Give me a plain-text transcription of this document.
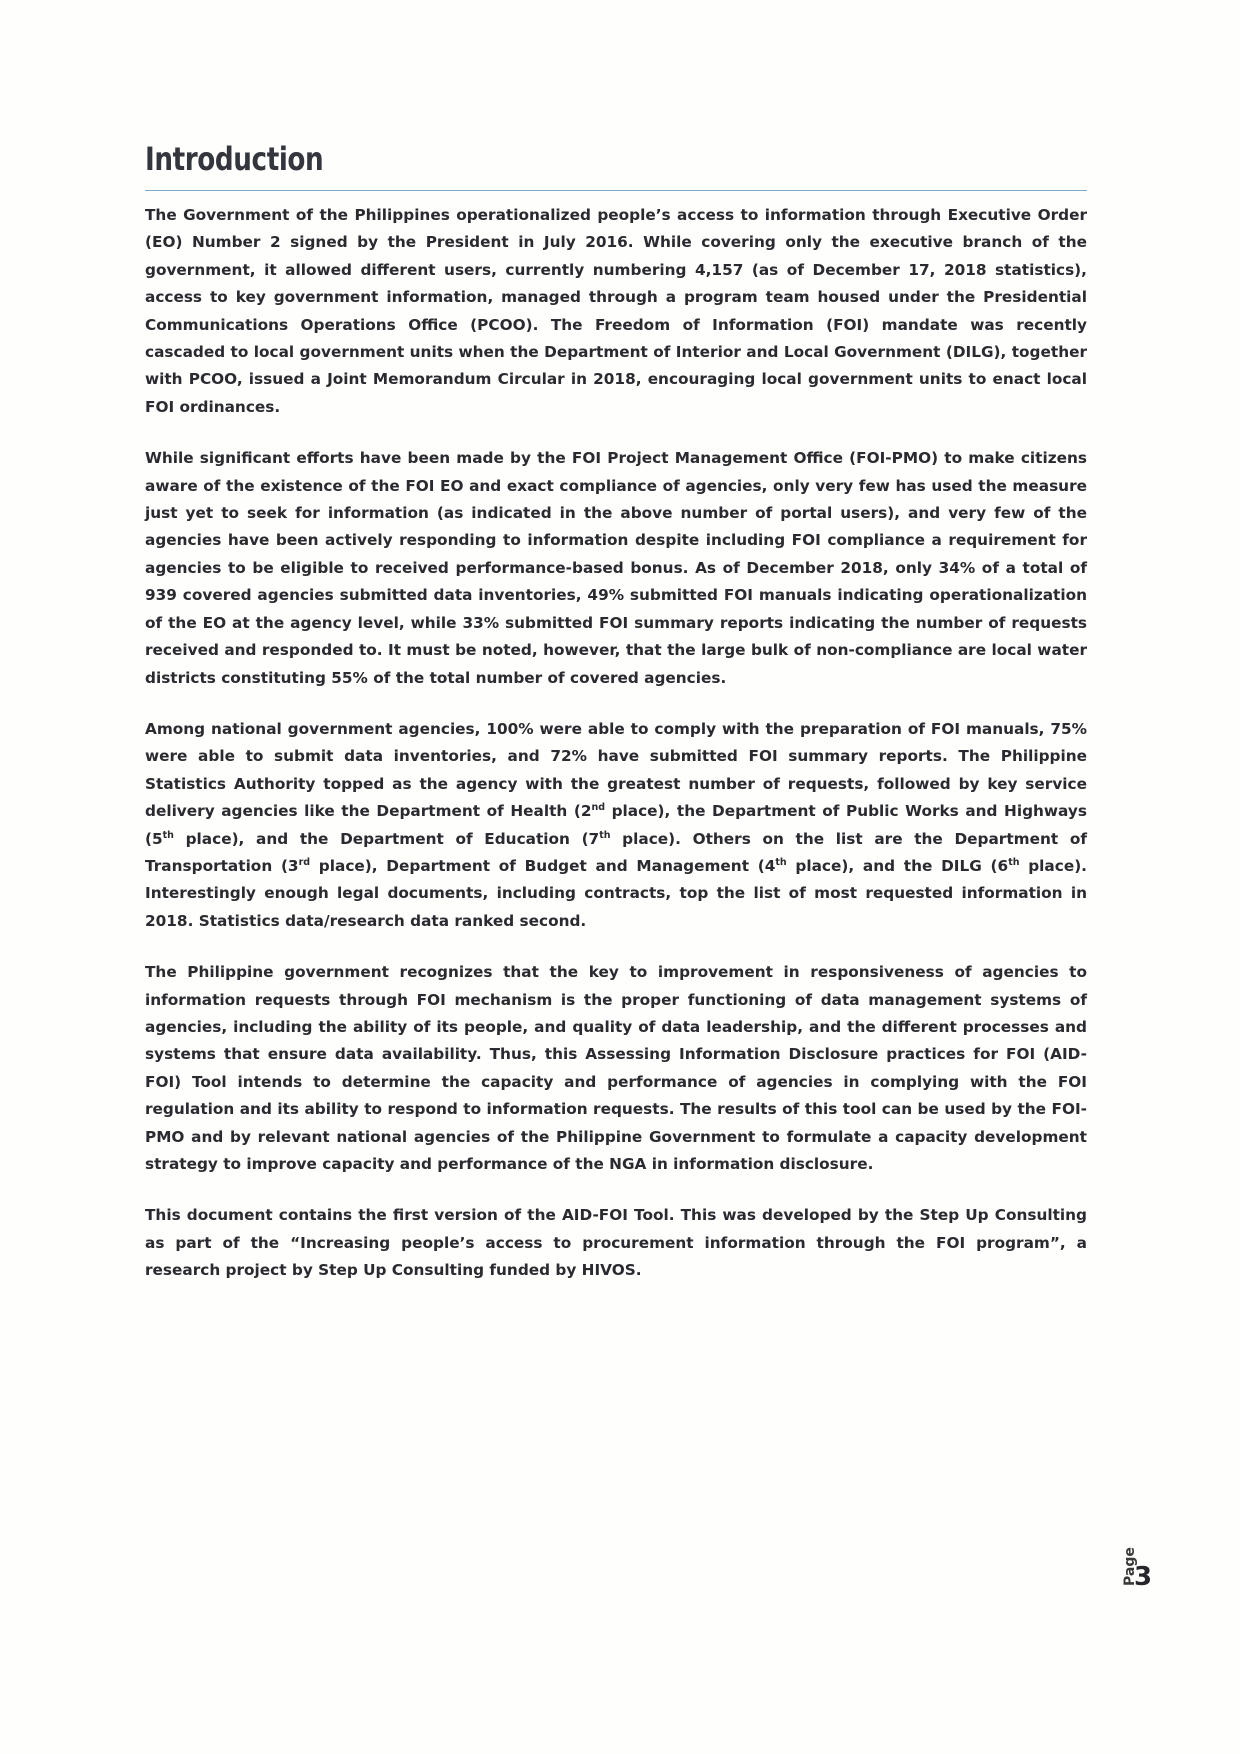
Introduction

The Government of the Philippines operationalized people’s access to information through Executive Order (EO) Number 2 signed by the President in July 2016. While covering only the executive branch of the government, it allowed different users, currently numbering 4,157 (as of December 17, 2018 statistics), access to key government information, managed through a program team housed under the Presidential Communications Operations Office (PCOO). The Freedom of Information (FOI) mandate was recently cascaded to local government units when the Department of Interior and Local Government (DILG), together with PCOO, issued a Joint Memorandum Circular in 2018, encouraging local government units to enact local FOI ordinances.

While significant efforts have been made by the FOI Project Management Office (FOI-PMO) to make citizens aware of the existence of the FOI EO and exact compliance of agencies, only very few has used the measure just yet to seek for information (as indicated in the above number of portal users), and very few of the agencies have been actively responding to information despite including FOI compliance a requirement for agencies to be eligible to received performance-based bonus. As of December 2018, only 34% of a total of 939 covered agencies submitted data inventories, 49% submitted FOI manuals indicating operationalization of the EO at the agency level, while 33% submitted FOI summary reports indicating the number of requests received and responded to. It must be noted, however, that the large bulk of non-compliance are local water districts constituting 55% of the total number of covered agencies.

Among national government agencies, 100% were able to comply with the preparation of FOI manuals, 75% were able to submit data inventories, and 72% have submitted FOI summary reports. The Philippine Statistics Authority topped as the agency with the greatest number of requests, followed by key service delivery agencies like the Department of Health (2nd place), the Department of Public Works and Highways (5th place), and the Department of Education (7th place). Others on the list are the Department of Transportation (3rd place), Department of Budget and Management (4th place), and the DILG (6th place). Interestingly enough legal documents, including contracts, top the list of most requested information in 2018. Statistics data/research data ranked second.

The Philippine government recognizes that the key to improvement in responsiveness of agencies to information requests through FOI mechanism is the proper functioning of data management systems of agencies, including the ability of its people, and quality of data leadership, and the different processes and systems that ensure data availability. Thus, this Assessing Information Disclosure practices for FOI (AID-FOI) Tool intends to determine the capacity and performance of agencies in complying with the FOI regulation and its ability to respond to information requests. The results of this tool can be used by the FOI-PMO and by relevant national agencies of the Philippine Government to formulate a capacity development strategy to improve capacity and performance of the NGA in information disclosure.

This document contains the first version of the AID-FOI Tool. This was developed by the Step Up Consulting as part of the “Increasing people’s access to procurement information through the FOI program”, a research project by Step Up Consulting funded by HIVOS.

3
Page
